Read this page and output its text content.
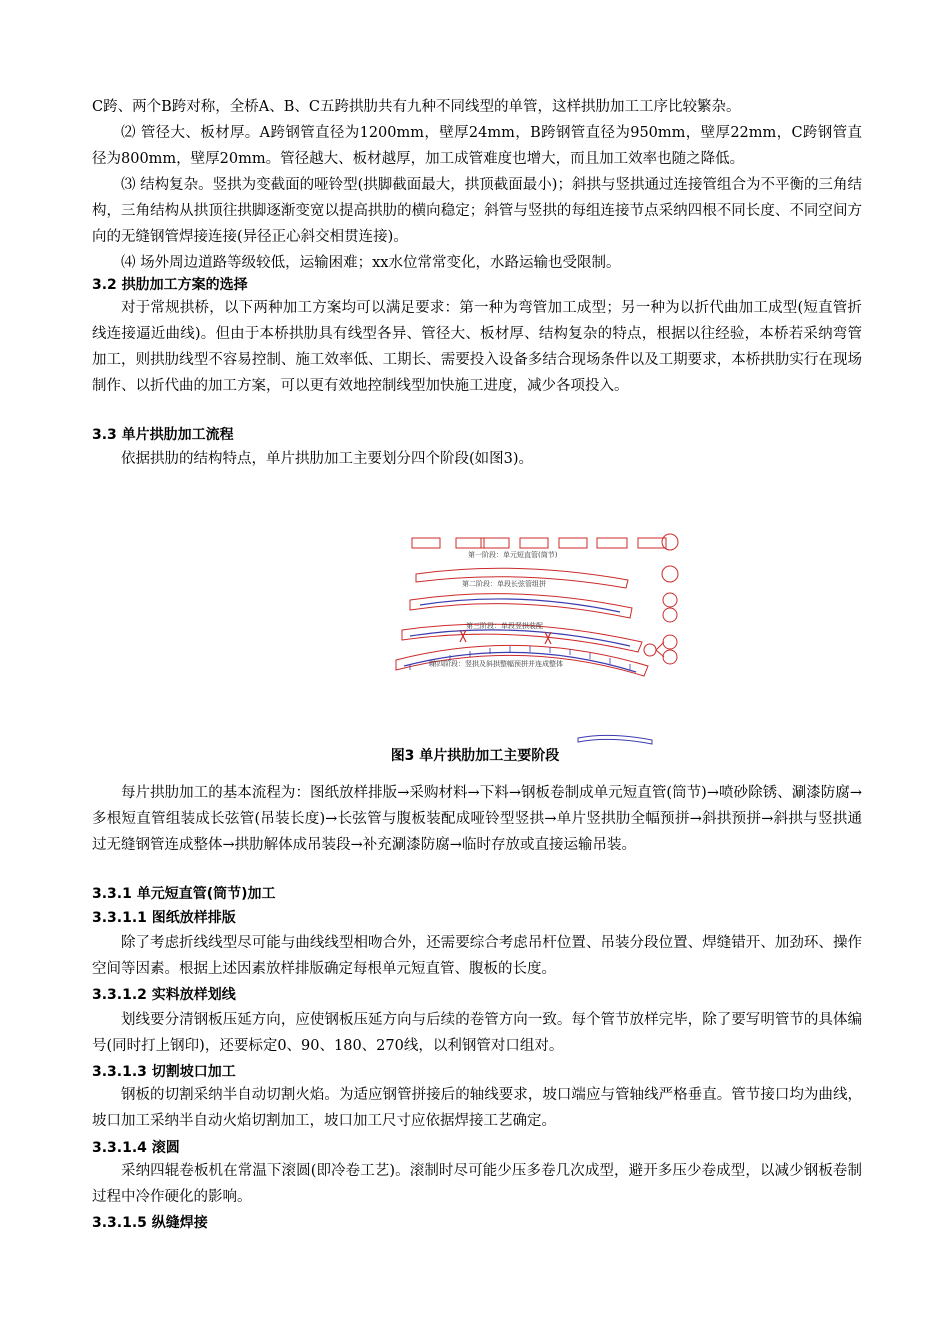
C跨、两个B跨对称，全桥A、B、C五跨拱肋共有九种不同线型的单管，这样拱肋加工工序比较繁杂。
⑵ 管径大、板材厚。A跨钢管直径为1200mm，壁厚24mm，B跨钢管直径为950mm，壁厚22mm，C跨钢管直径为800mm，壁厚20mm。管径越大、板材越厚，加工成管难度也增大，而且加工效率也随之降低。
⑶ 结构复杂。竖拱为变截面的哑铃型(拱脚截面最大，拱顶截面最小)；斜拱与竖拱通过连接管组合为不平衡的三角结构，三角结构从拱顶往拱脚逐渐变宽以提高拱肋的横向稳定；斜管与竖拱的每组连接节点采纳四根不同长度、不同空间方向的无缝钢管焊接连接(异径正心斜交相贯连接)。
⑷ 场外周边道路等级较低，运输困难；xx水位常常变化，水路运输也受限制。
3.2 拱肋加工方案的选择
对于常规拱桥，以下两种加工方案均可以满足要求：第一种为弯管加工成型；另一种为以折代曲加工成型(短直管折线连接逼近曲线)。但由于本桥拱肋具有线型各异、管径大、板材厚、结构复杂的特点，根据以往经验，本桥若采纳弯管加工，则拱肋线型不容易控制、施工效率低、工期长、需要投入设备多结合现场条件以及工期要求，本桥拱肋实行在现场制作、以折代曲的加工方案，可以更有效地控制线型加快施工进度，减少各项投入。
3.3 单片拱肋加工流程
依据拱肋的结构特点，单片拱肋加工主要划分四个阶段(如图3)。
第一阶段：单元短直管(筒节)
第二阶段：单段长弦管组拼
第三阶段：单段竖拱装配
第四阶段：竖拱及斜拱整幅预拼并连成整体
图3 单片拱肋加工主要阶段
每片拱肋加工的基本流程为：图纸放样排版→采购材料→下料→钢板卷制成单元短直管(筒节)→喷砂除锈、涮漆防腐→多根短直管组装成长弦管(吊装长度)→长弦管与腹板装配成哑铃型竖拱→单片竖拱肋全幅预拼→斜拱预拼→斜拱与竖拱通过无缝钢管连成整体→拱肋解体成吊装段→补充涮漆防腐→临时存放或直接运输吊装。
3.3.1 单元短直管(筒节)加工
3.3.1.1 图纸放样排版
除了考虑折线线型尽可能与曲线线型相吻合外，还需要综合考虑吊杆位置、吊装分段位置、焊缝错开、加劲环、操作空间等因素。根据上述因素放样排版确定每根单元短直管、腹板的长度。
3.3.1.2 实料放样划线
划线要分清钢板压延方向，应使钢板压延方向与后续的卷管方向一致。每个管节放样完毕，除了要写明管节的具体编号(同时打上钢印)，还要标定0、90、180、270线，以利钢管对口组对。
3.3.1.3 切割坡口加工
钢板的切割采纳半自动切割火焰。为适应钢管拼接后的轴线要求，坡口端应与管轴线严格垂直。管节接口均为曲线，坡口加工采纳半自动火焰切割加工，坡口加工尺寸应依据焊接工艺确定。
3.3.1.4 滚圆
采纳四辊卷板机在常温下滚圆(即冷卷工艺)。滚制时尽可能少压多卷几次成型，避开多压少卷成型，以减少钢板卷制过程中冷作硬化的影响。
3.3.1.5 纵缝焊接
